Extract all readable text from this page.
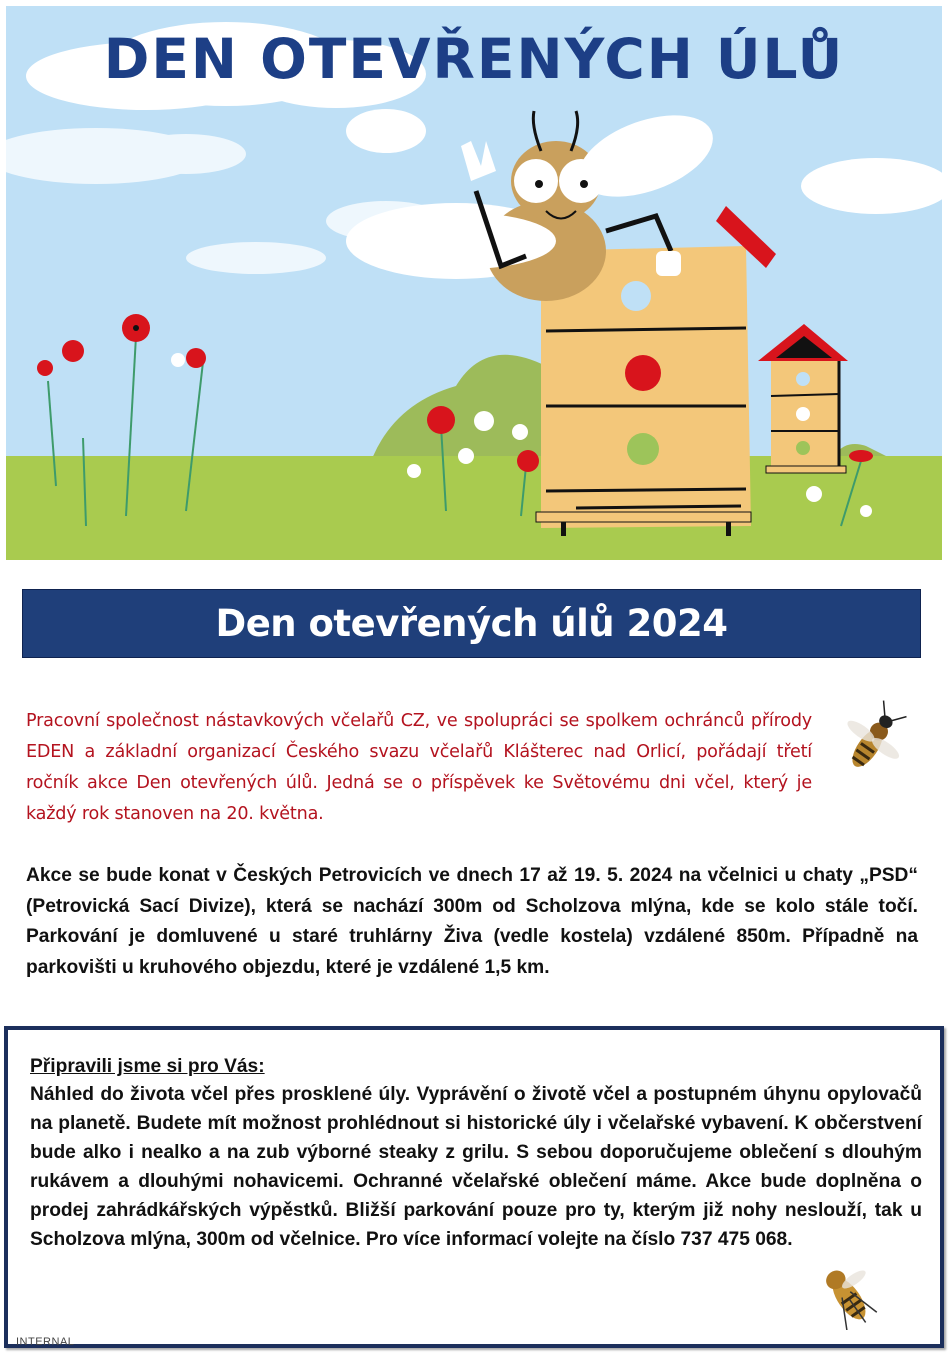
DEN OTEVŘENÝCH ÚLŮ
Den otevřených úlů 2024

Pracovní společnost nástavkových včelařů CZ, ve spolupráci se spolkem ochránců přírody EDEN a základní organizací Českého svazu včelařů Klášterec nad Orlicí, pořádají třetí ročník akce Den otevřených úlů. Jedná se o příspěvek ke Světovému dni včel, který je každý rok stanoven na 20. května.

Akce se bude konat v Českých Petrovicích ve dnech 17 až 19. 5. 2024 na včelnici u chaty „PSD“ (Petrovická Sací Divize), která se nachází 300m od Scholzova mlýna, kde se kolo stále točí. Parkování je domluvené u staré truhlárny Živa (vedle kostela) vzdálené 850m. Případně na parkovišti u kruhového objezdu, které je vzdálené 1,5 km.

Připravili jsme si pro Vás:
Náhled do života včel přes prosklené úly. Vyprávění o životě včel a postupném úhynu opylovačů na planetě. Budete mít možnost prohlédnout si historické úly i včelařské vybavení. K občerstvení bude alko i nealko a na zub výborné steaky z grilu. S sebou doporučujeme oblečení s dlouhým rukávem a dlouhými nohavicemi. Ochranné včelařské oblečení máme. Akce bude doplněna o prodej zahrádkářských výpěstků. Bližší parkování pouze pro ty, kterým již nohy neslouží, tak u Scholzova mlýna, 300m od včelnice. Pro více informací volejte na číslo 737 475 068.
INTERNAL
